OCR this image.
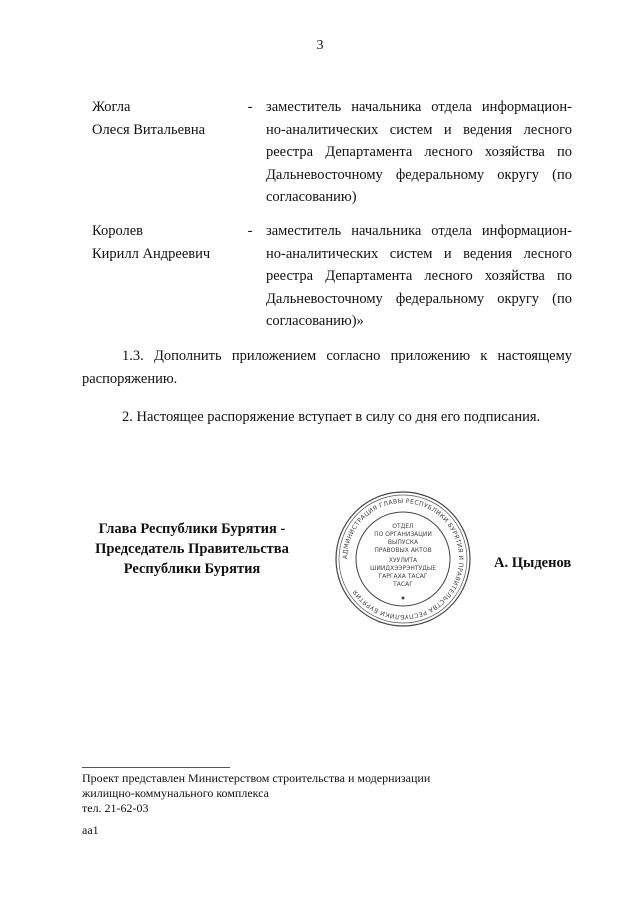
3
Жогла
Олеся Витальевна
- заместитель начальника отдела информацион-
но-аналитических систем и ведения лесного
реестра Департамента лесного хозяйства по
Дальневосточному федеральному округу (по
согласованию)
Королев
Кирилл Андреевич
- заместитель начальника отдела информацион-
но-аналитических систем и ведения лесного
реестра Департамента лесного хозяйства по
Дальневосточному федеральному округу (по
согласованию)»
1.3. Дополнить приложением согласно приложению к настоящему
распоряжению.
2. Настоящее распоряжение вступает в силу со дня его подписания.
Глава Республики Бурятия -
Председатель Правительства
Республики Бурятия
АДМИНИСТРАЦИЯ ГЛАВЫ РЕСПУБЛИКИ БУРЯТИЯ И ПРАВИТЕЛЬСТВА РЕСПУБЛИКИ БУРЯТИЯ
ОТДЕЛ
ПО ОРГАНИЗАЦИИ
ВЫПУСКА
ПРАВОВЫХ АКТОВ
ХУУЛИТА
ШИИДХЭЭРЭНТУДЫЕ
ГАРГАХА ТАСАГ
ТАСАГ
А. Цыденов
Проект представлен Министерством строительства и модернизации
жилищно-коммунального комплекса
тел. 21-62-03
aa1
